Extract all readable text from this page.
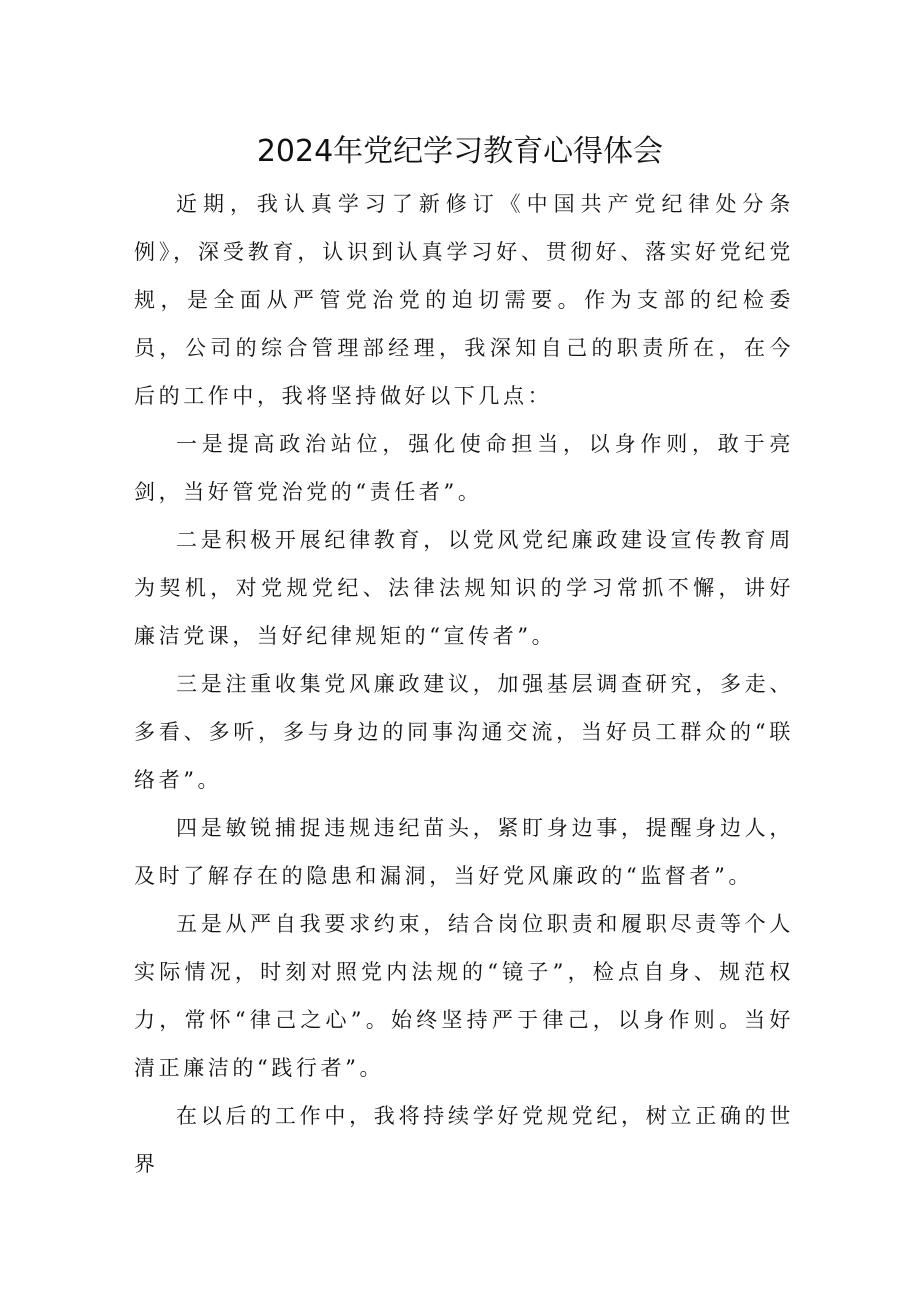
2024年党纪学习教育心得体会

近期，我认真学习了新修订《中国共产党纪律处分条例》，深受教育，认识到认真学习好、贯彻好、落实好党纪党规，是全面从严管党治党的迫切需要。作为支部的纪检委员，公司的综合管理部经理，我深知自己的职责所在，在今后的工作中，我将坚持做好以下几点：

一是提高政治站位，强化使命担当，以身作则，敢于亮剑，当好管党治党的“责任者”。

二是积极开展纪律教育，以党风党纪廉政建设宣传教育周为契机，对党规党纪、法律法规知识的学习常抓不懈，讲好廉洁党课，当好纪律规矩的“宣传者”。

三是注重收集党风廉政建议，加强基层调查研究，多走、多看、多听，多与身边的同事沟通交流，当好员工群众的“联络者”。

四是敏锐捕捉违规违纪苗头，紧盯身边事，提醒身边人，及时了解存在的隐患和漏洞，当好党风廉政的“监督者”。

五是从严自我要求约束，结合岗位职责和履职尽责等个人实际情况，时刻对照党内法规的“镜子”，检点自身、规范权力，常怀“律己之心”。始终坚持严于律己，以身作则。当好清正廉洁的“践行者”。

在以后的工作中，我将持续学好党规党纪，树立正确的世界
